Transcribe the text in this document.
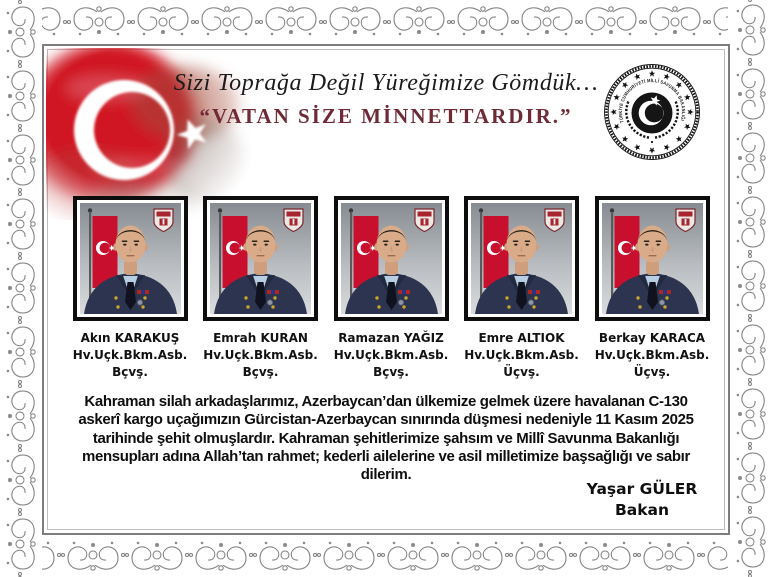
Sizi Toprağa Değil Yüreğimize Gömdük…
“VATAN SİZE MİNNETTARDIR.”	TÜRKİYE CUMHURİYETİ MİLLÎ SAVUNMA BAKANLIĞI
Akın KARAKUŞ
Hv.Uçk.Bkm.Asb.
Bçvş.
Emrah KURAN
Hv.Uçk.Bkm.Asb.
Bçvş.
Ramazan YAĞIZ
Hv.Uçk.Bkm.Asb.
Bçvş.
Emre ALTIOK
Hv.Uçk.Bkm.Asb.
Üçvş.
Berkay KARACA
Hv.Uçk.Bkm.Asb.
Üçvş.

Kahraman silah arkadaşlarımız, Azerbaycan’dan ülkemize gelmek üzere havalanan C-130 askerî kargo uçağımızın Gürcistan-Azerbaycan sınırında düşmesi nedeniyle 11 Kasım 2025 tarihinde şehit olmuşlardır. Kahraman şehitlerimize şahsım ve Millî Savunma Bakanlığı mensupları adına Allah’tan rahmet; kederli ailelerine ve asil milletimize başsağlığı ve sabır dilerim.

Yaşar GÜLER
Bakan
